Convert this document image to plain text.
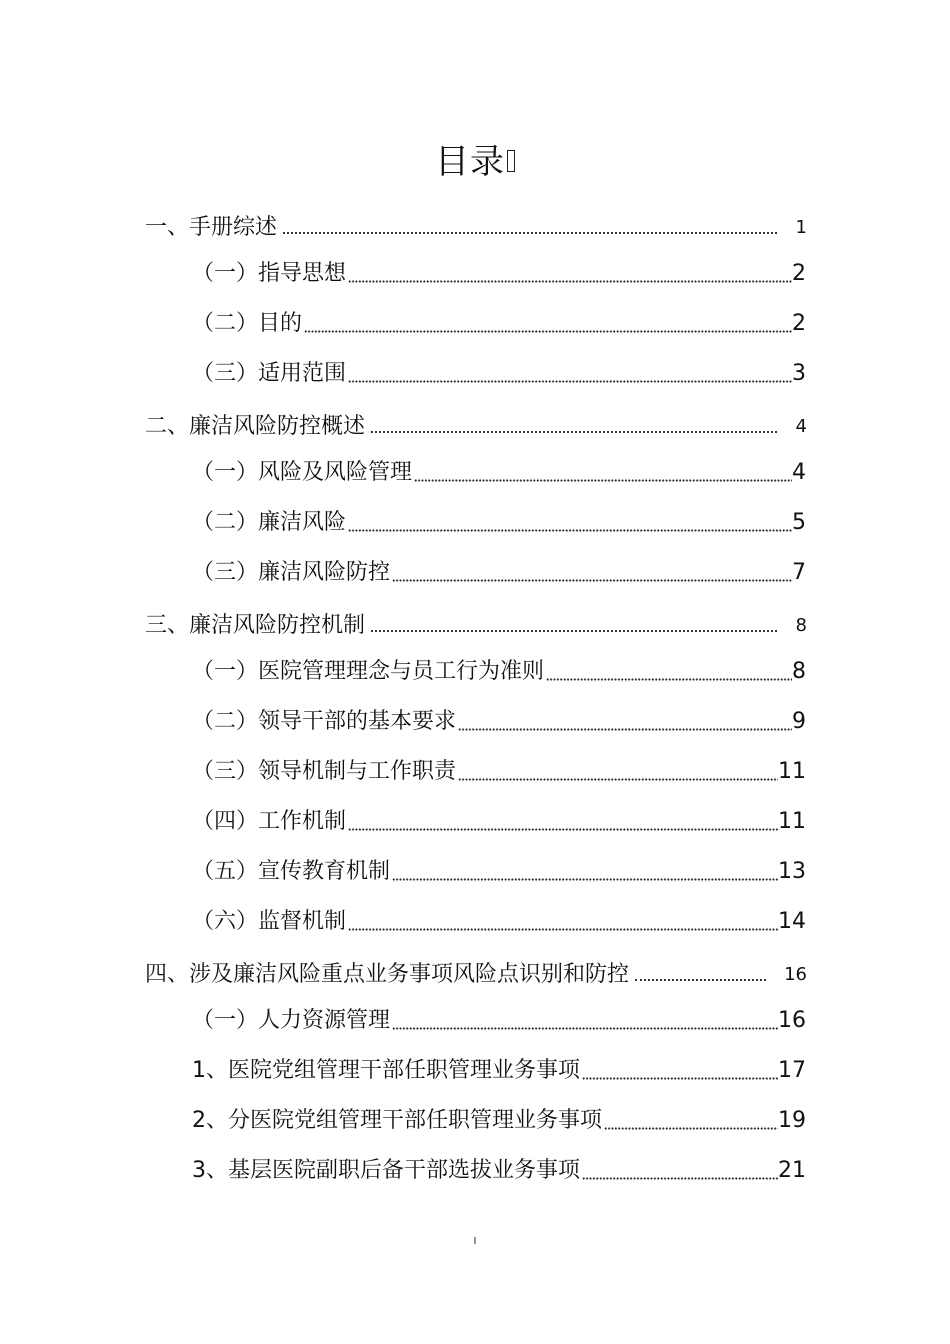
目录
一、手册综述	1
（一）指导思想	2
（二）目的	2
（三）适用范围	3
二、廉洁风险防控概述	4
（一）风险及风险管理	4
（二）廉洁风险	5
（三）廉洁风险防控	7
三、廉洁风险防控机制	8
（一）医院管理理念与员工行为准则	8
（二）领导干部的基本要求	9
（三）领导机制与工作职责	11
（四）工作机制	11
（五）宣传教育机制	13
（六）监督机制	14
四、涉及廉洁风险重点业务事项风险点识别和防控	16
（一）人力资源管理	16
1、医院党组管理干部任职管理业务事项	17
2、分医院党组管理干部任职管理业务事项	19
3、基层医院副职后备干部选拔业务事项	21
I
